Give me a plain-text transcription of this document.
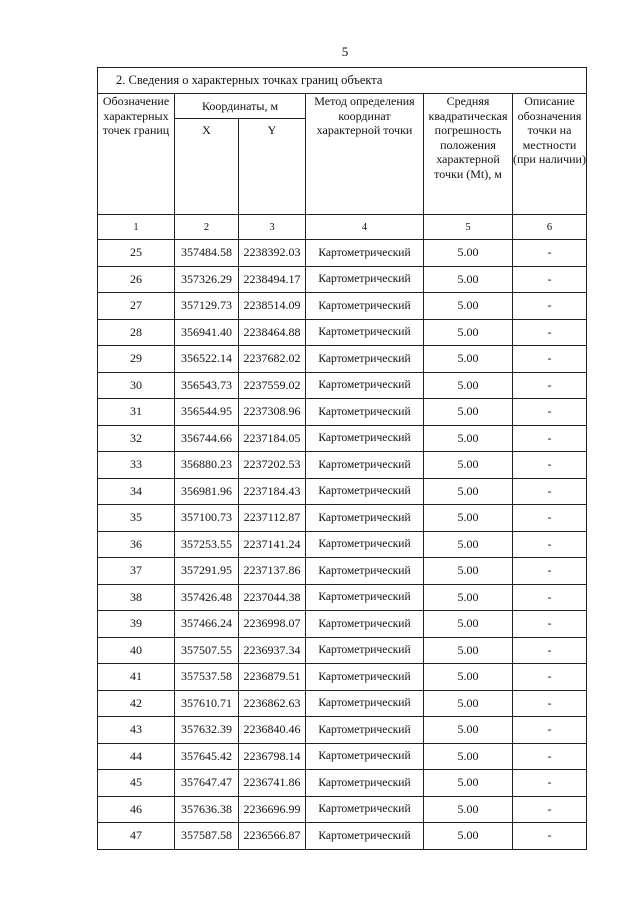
5
2. Сведения о характерных точках границ объекта					
Обозначение характерных точек границ	Координаты, м		Метод определения координат характерной точки	Средняя квадратическая погрешность положения характерной точки (Mt), м	Описание обозначения точки на местности (при наличии)
	X	Y			
1	2	3	4	5	6
25	357484.58	2238392.03	Картометрический	5.00	-
26	357326.29	2238494.17	Картометрический	5.00	-
27	357129.73	2238514.09	Картометрический	5.00	-
28	356941.40	2238464.88	Картометрический	5.00	-
29	356522.14	2237682.02	Картометрический	5.00	-
30	356543.73	2237559.02	Картометрический	5.00	-
31	356544.95	2237308.96	Картометрический	5.00	-
32	356744.66	2237184.05	Картометрический	5.00	-
33	356880.23	2237202.53	Картометрический	5.00	-
34	356981.96	2237184.43	Картометрический	5.00	-
35	357100.73	2237112.87	Картометрический	5.00	-
36	357253.55	2237141.24	Картометрический	5.00	-
37	357291.95	2237137.86	Картометрический	5.00	-
38	357426.48	2237044.38	Картометрический	5.00	-
39	357466.24	2236998.07	Картометрический	5.00	-
40	357507.55	2236937.34	Картометрический	5.00	-
41	357537.58	2236879.51	Картометрический	5.00	-
42	357610.71	2236862.63	Картометрический	5.00	-
43	357632.39	2236840.46	Картометрический	5.00	-
44	357645.42	2236798.14	Картометрический	5.00	-
45	357647.47	2236741.86	Картометрический	5.00	-
46	357636.38	2236696.99	Картометрический	5.00	-
47	357587.58	2236566.87	Картометрический	5.00	-
